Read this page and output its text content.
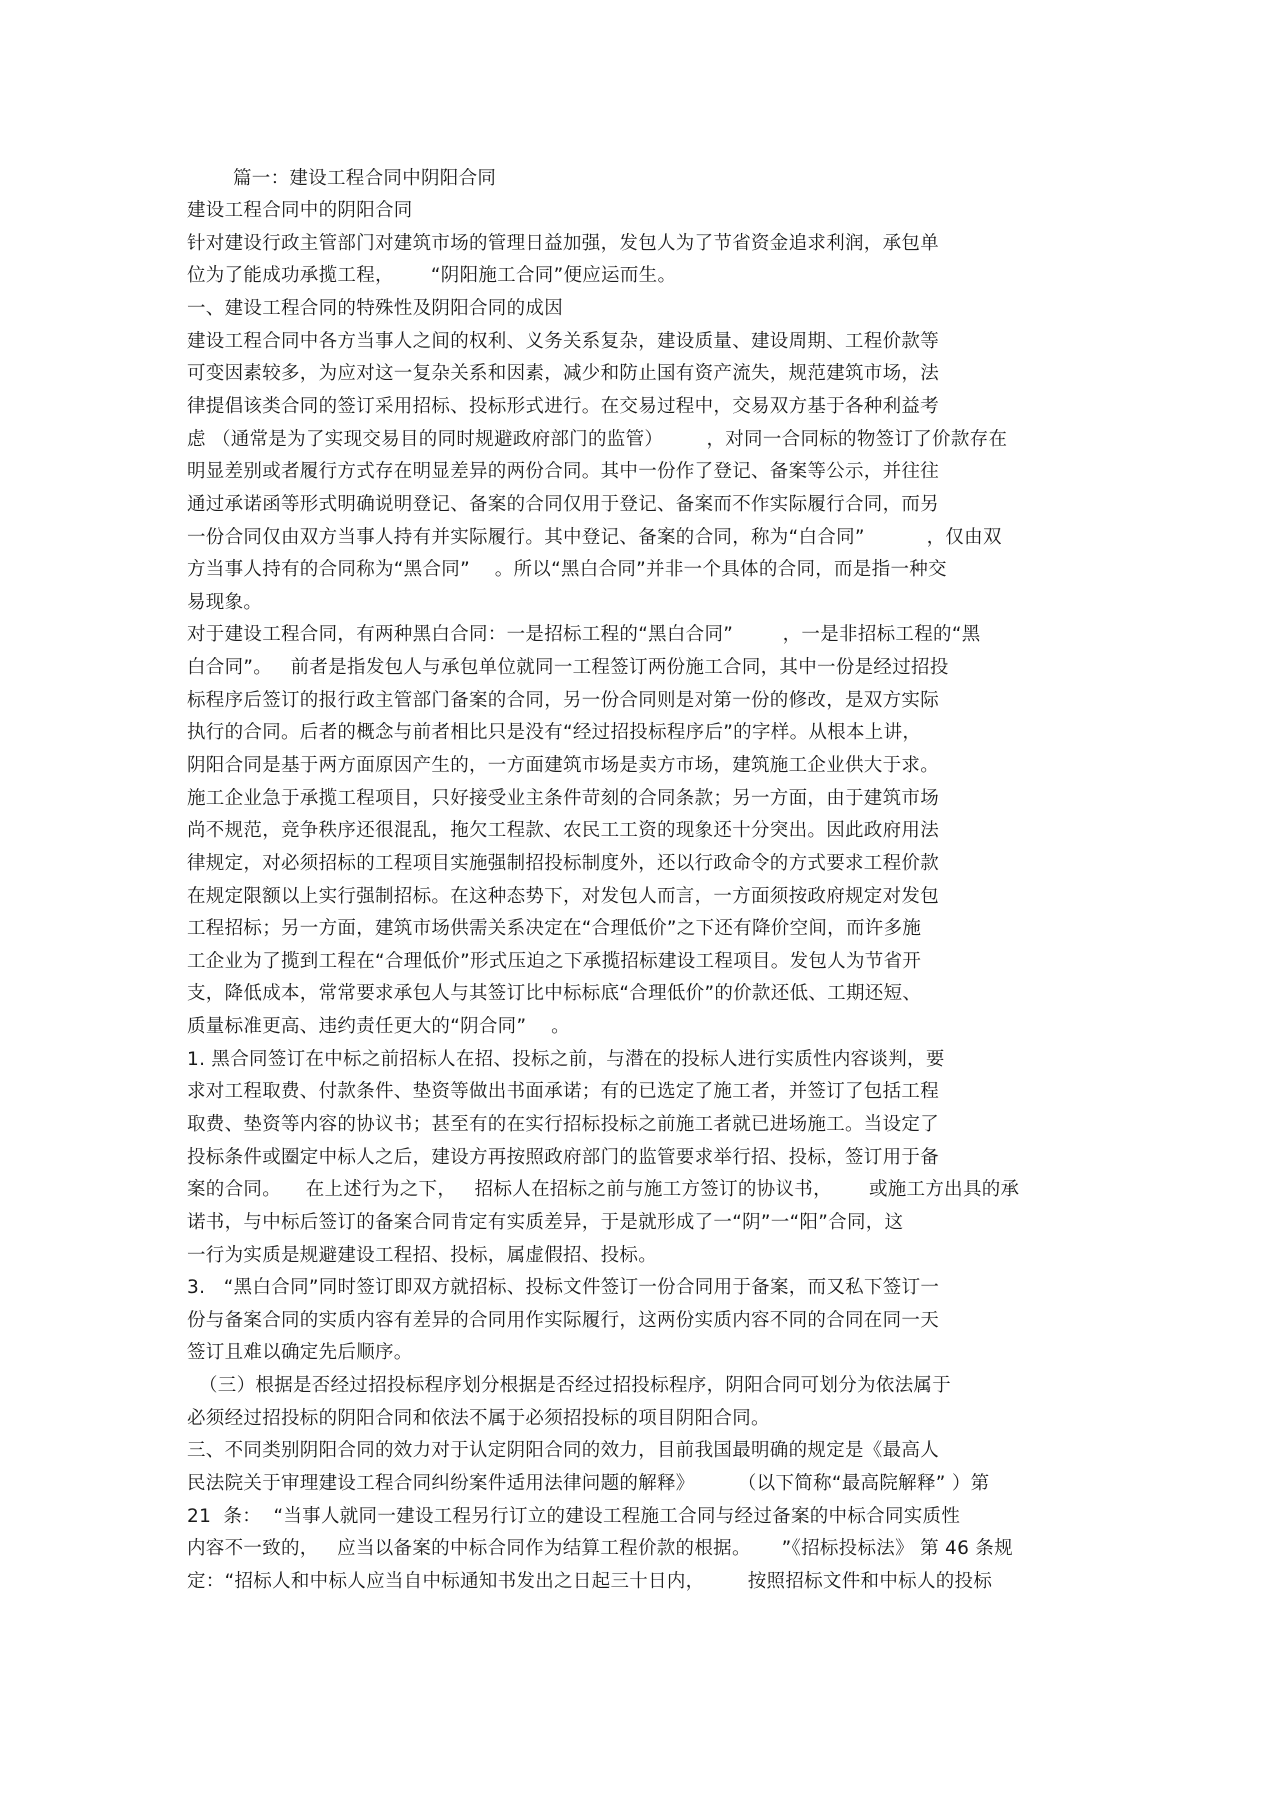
篇一：建设工程合同中阴阳合同
建设工程合同中的阴阳合同
针对建设行政主管部门对建筑市场的管理日益加强，发包人为了节省资金追求利润，承包单
位为了能成功承揽工程，      “阴阳施工合同”便应运而生。
一、建设工程合同的特殊性及阴阳合同的成因
建设工程合同中各方当事人之间的权利、义务关系复杂，建设质量、建设周期、工程价款等
可变因素较多，为应对这一复杂关系和因素，减少和防止国有资产流失，规范建筑市场，法
律提倡该类合同的签订采用招标、投标形式进行。在交易过程中，交易双方基于各种利益考
虑 （通常是为了实现交易目的同时规避政府部门的监管）       ，对同一合同标的物签订了价款存在
明显差别或者履行方式存在明显差异的两份合同。其中一份作了登记、备案等公示，并往往
通过承诺函等形式明确说明登记、备案的合同仅用于登记、备案而不作实际履行合同，而另
一份合同仅由双方当事人持有并实际履行。其中登记、备案的合同，称为“白合同”          ，仅由双
方当事人持有的合同称为“黑合同”    。所以“黑白合同”并非一个具体的合同，而是指一种交
易现象。
对于建设工程合同，有两种黑白合同：一是招标工程的“黑白合同”        ，一是非招标工程的“黑
白合同”。   前者是指发包人与承包单位就同一工程签订两份施工合同，其中一份是经过招投
标程序后签订的报行政主管部门备案的合同，另一份合同则是对第一份的修改，是双方实际
执行的合同。后者的概念与前者相比只是没有“经过招投标程序后”的字样。从根本上讲，
阴阳合同是基于两方面原因产生的，一方面建筑市场是卖方市场，建筑施工企业供大于求。
施工企业急于承揽工程项目，只好接受业主条件苛刻的合同条款；另一方面，由于建筑市场
尚不规范，竞争秩序还很混乱，拖欠工程款、农民工工资的现象还十分突出。因此政府用法
律规定，对必须招标的工程项目实施强制招投标制度外，还以行政命令的方式要求工程价款
在规定限额以上实行强制招标。在这种态势下，对发包人而言，一方面须按政府规定对发包
工程招标；另一方面，建筑市场供需关系决定在“合理低价”之下还有降价空间，而许多施
工企业为了揽到工程在“合理低价”形式压迫之下承揽招标建设工程项目。发包人为节省开
支，降低成本，常常要求承包人与其签订比中标标底“合理低价”的价款还低、工期还短、
质量标准更高、违约责任更大的“阴合同”    。
1. 黑合同签订在中标之前招标人在招、投标之前，与潜在的投标人进行实质性内容谈判，要
求对工程取费、付款条件、垫资等做出书面承诺；有的已选定了施工者，并签订了包括工程
取费、垫资等内容的协议书；甚至有的在实行招标投标之前施工者就已进场施工。当设定了
投标条件或圈定中标人之后，建设方再按照政府部门的监管要求举行招、投标，签订用于备
案的合同。    在上述行为之下，   招标人在招标之前与施工方签订的协议书，      或施工方出具的承
诺书，与中标后签订的备案合同肯定有实质差异，于是就形成了一“阴”一“阳”合同，这
一行为实质是规避建设工程招、投标，属虚假招、投标。
3.   “黑白合同”同时签订即双方就招标、投标文件签订一份合同用于备案，而又私下签订一
份与备案合同的实质内容有差异的合同用作实际履行，这两份实质内容不同的合同在同一天
签订且难以确定先后顺序。
（三）根据是否经过招投标程序划分根据是否经过招投标程序，阴阳合同可划分为依法属于
必须经过招投标的阴阳合同和依法不属于必须招投标的项目阴阳合同。
三、不同类别阴阳合同的效力对于认定阴阳合同的效力，目前我国最明确的规定是《最高人
民法院关于审理建设工程合同纠纷案件适用法律问题的解释》       （以下简称“最高院解释” ）第
21  条：  “当事人就同一建设工程另行订立的建设工程施工合同与经过备案的中标合同实质性
内容不一致的，   应当以备案的中标合同作为结算工程价款的根据。     ”《招标投标法》 第 46 条规
定：“招标人和中标人应当自中标通知书发出之日起三十日内，       按照招标文件和中标人的投标
